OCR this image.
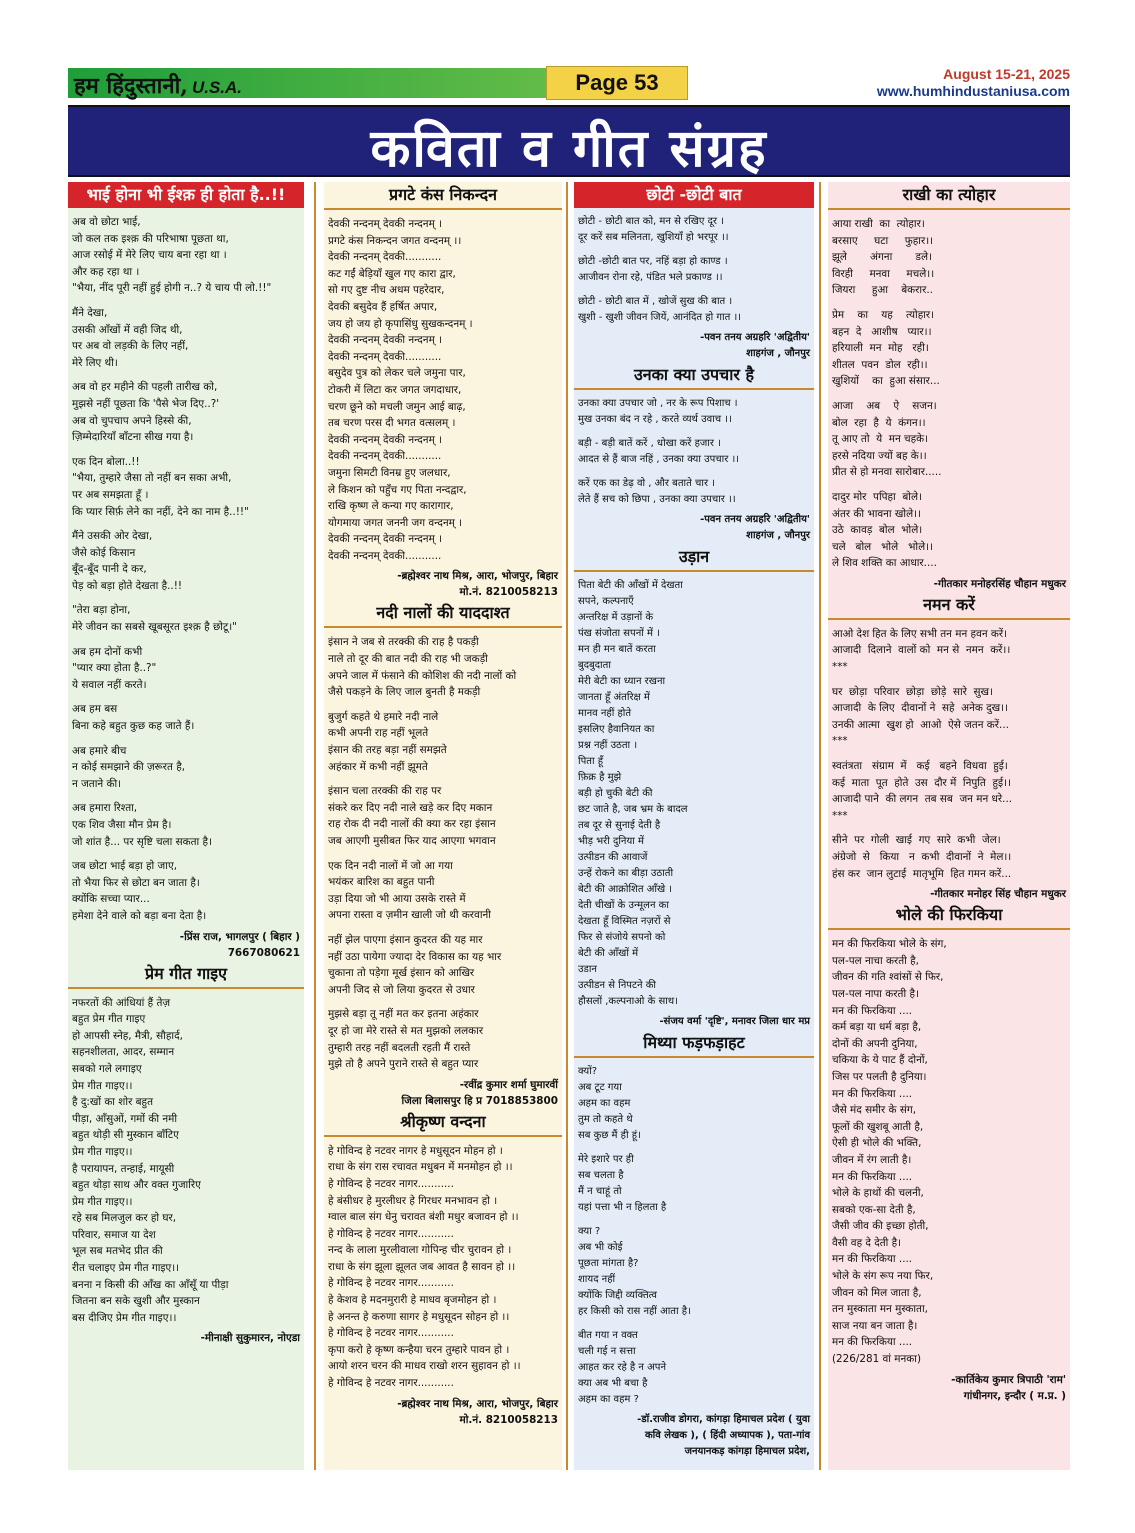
हम हिंदुस्तानी, U.S.A.	Page 53	August 15-21, 2025
www.humhindustaniusa.com
कविता व गीत संग्रह
भाई होना भी ईश्क़ ही होता है..!!
अब वो छोटा भाई,
जो कल तक इश्क़ की परिभाषा पूछता था,
आज रसोई में मेरे लिए चाय बना रहा था ।
और कह रहा था ।
"भैया, नींद पूरी नहीं हुई होगी न..? ये चाय पी लो.!!"
मैंने देखा,
उसकी आँखों में वही जिद थी,
पर अब वो लड़की के लिए नहीं,
मेरे लिए थी।
अब वो हर महीने की पहली तारीख को,
मुझसे नहीं पूछता कि 'पैसे भेज दिए..?'
अब वो चुपचाप अपने हिस्से की,
ज़िम्मेदारियाँ बाँटना सीख गया है।
एक दिन बोला..!!
"भैया, तुम्हारे जैसा तो नहीं बन सका अभी,
पर अब समझता हूँ ।
कि प्यार सिर्फ़ लेने का नहीं, देने का नाम है..!!"
मैंने उसकी ओर देखा,
जैसे कोई किसान
बूँद-बूँद पानी दे कर,
पेड़ को बड़ा होते देखता है..!!
"तेरा बड़ा होना,
मेरे जीवन का सबसे खूबसूरत इश्क़ है छोटू।"
अब हम दोनों कभी
"प्यार क्या होता है..?"
ये सवाल नहीं करते।
अब हम बस
बिना कहे बहुत कुछ कह जाते हैं।
अब हमारे बीच
न कोई समझाने की ज़रूरत है,
न जताने की।
अब हमारा रिश्ता,
एक शिव जैसा मौन प्रेम है।
जो शांत है... पर सृष्टि चला सकता है।
जब छोटा भाई बड़ा हो जाए,
तो भैया फिर से छोटा बन जाता है।
क्योंकि सच्चा प्यार...
हमेशा देने वाले को बड़ा बना देता है।
-प्रिंस राज, भागलपुर ( बिहार )
7667080621
प्रेम गीत गाइए
नफरतों की आंधियां हैं तेज़
बहुत प्रेम गीत गाइए
हो आपसी स्नेह, मैत्री, सौहार्द,
सहनशीलता, आदर, सम्मान
सबको गले लगाइए
प्रेम गीत गाइए।।
है दु:खों का शोर बहुत
पीड़ा, आँसुओं, गमों की नमी
बहुत थोड़ी सी मुस्कान बाँटिए
प्रेम गीत गाइए।।
है परायापन, तन्हाई, मायूसी
बहुत थोड़ा साथ और वक्त गुजारिए
प्रेम गीत गाइए।।
रहे सब मिलजुल कर हो घर,
परिवार, समाज या देश
भूल सब मतभेद प्रीत की
रीत चलाइए प्रेम गीत गाइए।।
बनना न किसी की आँख का आँसूँ या पीड़ा
जितना बन सके खुशी और मुस्कान
बस दीजिए प्रेम गीत गाइए।।
-मीनाक्षी सुकुमारन, नोएडा
प्रगटे कंस निकन्दन
देवकी नन्दनम् देवकी नन्दनम् ।
प्रगटे कंस निकन्दन जगत वन्दनम् ।।
देवकी नन्दनम् देवकी...........
कट गईं बेड़ियाँ खुल गए कारा द्वार,
सो गए दुष्ट नीच अधम पहरेदार,
देवकी बसुदेव हैं हर्षित अपार,
जय हो जय हो कृपासिंधु सुखकन्दनम् ।
देवकी नन्दनम् देवकी नन्दनम् ।
देवकी नन्दनम् देवकी...........
बसुदेव पुत्र को लेकर चले जमुना पार,
टोकरी में लिटा कर जगत जगदाधार,
चरण छूने को मचली जमुन आई बाढ़,
तब चरण परस दी भगत वत्सलम् ।
देवकी नन्दनम् देवकी नन्दनम् ।
देवकी नन्दनम् देवकी...........
जमुना सिमटी विनम्र हुए जलधार,
ले किशन को पहुँच गए पिता नन्दद्वार,
राखि कृष्ण ले कन्या गए कारागार,
योगमाया जगत जननी जग वन्दनम् ।
देवकी नन्दनम् देवकी नन्दनम् ।
देवकी नन्दनम् देवकी...........
-ब्रह्मेश्वर नाथ मिश्र, आरा, भोजपुर, बिहार
मो.नं. 8210058213
नदी नालों की याददाश्त
इंसान ने जब से तरक्की की राह है पकड़ी
नाले तो दूर की बात नदी की राह भी जकड़ी
अपने जाल में फंसाने की कोशिश की नदी नालों को
जैसे पकड़ने के लिए जाल बुनती है मकड़ी
बुजुर्ग कहते थे हमारे नदी नाले
कभी अपनी राह नहीं भूलते
इंसान की तरह बड़ा नहीं समझते
अहंकार में कभी नहीं झूमते
इंसान चला तरक्की की राह पर
संकरे कर दिए नदी नाले खड़े कर दिए मकान
राह रोक दी नदी नालों की क्या कर रहा इंसान
जब आएगी मुसीबत फिर याद आएगा भगवान
एक दिन नदी नालों में जो आ गया
भयंकर बारिश का बहुत पानी
उड़ा दिया जो भी आया उसके रास्ते में
अपना रास्ता व ज़मीन खाली जो थी करवानी
नहीं झेल पाएगा इंसान कुदरत की यह मार
नहीं उठा पायेगा ज्यादा देर विकास का यह भार
चुकाना तो पड़ेगा मूर्ख इंसान को आखिर
अपनी जिद से जो लिया कुदरत से उधार
मुझसे बड़ा तू नहीं मत कर इतना अहंकार
दूर हो जा मेरे रास्ते से मत मुझको ललकार
तुम्हारी तरह नहीं बदलती रहती मैं रास्ते
मुझे तो है अपने पुराने रास्ते से बहुत प्यार
-रवींद्र कुमार शर्मा घुमारवीं
जिला बिलासपुर हि प्र 7018853800
श्रीकृष्ण वन्दना
हे गोविन्द हे नटवर नागर हे मधुसूदन मोहन हो ।
राधा के संग रास रचावत मधुबन में मनमोहन हो ।।
हे गोविन्द हे नटवर नागर...........
हे बंसीधर हे मुरलीधर हे गिरधर मनभावन हो ।
ग्वाल बाल संग धेनु चरावत बंशी मधुर बजावन हो ।।
हे गोविन्द हे नटवर नागर...........
नन्द के लाला मुरलीवाला गोपिन्ह चीर चुरावन हो ।
राधा के संग झूला झूलत जब आवत है सावन हो ।।
हे गोविन्द हे नटवर नागर...........
हे केशव हे मदनमुरारी हे माधव बृजमोहन हो ।
हे अनन्त हे करुणा सागर हे मधुसूदन सोहन हो ।।
हे गोविन्द हे नटवर नागर...........
कृपा करो हे कृष्ण कन्हैया चरन तुम्हारे पावन हो ।
आयो शरन चरन की माधव राखो शरन सुहावन हो ।।
हे गोविन्द हे नटवर नागर...........
-ब्रह्मेश्वर नाथ मिश्र, आरा, भोजपुर, बिहार
मो.नं. 8210058213
छोटी -छोटी बात
छोटी - छोटी बात को, मन से रखिए दूर ।
दूर करें सब मलिनता, खुशियाँ हो भरपूर ।।
छोटी -छोटी बात पर, नहिं बड़ा हो काण्ड ।
आजीवन रोना रहे, पंडित भले प्रकाण्ड ।।
छोटी - छोटी बात में , खोजें सुख की बात ।
खुशी - खुशी जीवन जियें, आनंदित हो गात ।।
-पवन तनय अग्रहरि 'अद्वितीय'
शाहगंज , जौनपुर
उनका क्या उपचार है
उनका क्या उपचार जो , नर के रूप पिशाच ।
मुख उनका बंद न रहे , करते व्यर्थ उवाच ।।
बड़ी - बड़ी बातें करें , धोखा करें हजार ।
आदत से हैं बाज नहिं , उनका क्या उपचार ।।
करें एक का डेढ़ वो , और बताते चार ।
लेते हैं सच को छिपा , उनका क्या उपचार ।।
-पवन तनय अग्रहरि 'अद्वितीय'
शाहगंज , जौनपुर
उड़ान
पिता बेटी की आँखों में देखता
सपने, कल्पनाएँ
अन्तरिक्ष में उड़ानों के
पंख संजोता सपनों में ।
मन ही मन बातें करता
बुदबुदाता
मेरी बेटी का ध्यान रखना
जानता हूँ अंतरिक्ष में
मानव नहीं होते
इसलिए हैवानियत का
प्रश्न नहीं उठता ।
पिता हूँ
फ़िक्र है मुझे
बड़ी हो चुकी बेटी की
छट जाते है, जब भ्रम के बादल
तब दूर से सुनाई देती है
भीड़ भरी दुनिया में
उत्पीडन की आवाजें
उन्हें रोकने का बीड़ा उठाती
बेटी की आक्रोशित आँखे ।
देती चीखों के उन्मूलन का
देखता हूँ विस्मित नज़रों से
फिर से संजोये सपनो को
बेटी की आँखों में
उडान
उत्पीडन से निपटने की
हौसलों ,कल्पनाओ के साथ।
-संजय वर्मा 'दृष्टि', मनावर जिला धार मप्र
मिथ्या फड़फड़ाहट
क्यों?
अब टूट गया
अहम का वहम
तुम तो कहते थे
सब कुछ मैं ही हूं।
मेरे इशारे पर ही
सब चलता है
मैं न चाहूं तो
यहां पत्ता भी न हिलता है
क्या ?
अब भी कोई
पूछता मांगता है?
शायद नहीं
क्योंकि जिद्दी व्यक्तित्व
हर किसी को रास नहीं आता है।
बीत गया न वक्त
चली गई न सत्ता
आहत कर रहे है न अपने
क्या अब भी बचा है
अहम का वहम ?
-डॉ.राजीव डोगरा, कांगड़ा हिमाचल प्रदेश ( युवा
कवि लेखक ), ( हिंदी अध्यापक ), पता-गांव
जनयानकड़ कांगड़ा हिमाचल प्रदेश,
राखी का त्योहार
आया राखी  का  त्योहार।
बरसाए     घटा     फुहार।।
झूले       अंगना       डले।
विरही     मनवा     मचले।।
जियरा     हुआ    बेकरार..
प्रेम    का    यह    त्योहार।
बहन  दे   आशीष   प्यार।।
हरियाली  मन  मोह   रही।
शीतल  पवन  डोल  रही।।
खुशियों    का  हुआ संसार...
आजा    अब    ऐ    सजन।
बोल  रहा  है  ये  कंगन।।
तू आए तो  ये  मन चहके।
हरसे नदिया ज्यों बह के।।
प्रीत से हो मनवा सारोबार.....
दादुर मोर  पपिहा  बोले।
अंतर की भावना खोले।।
उठे  कावड़  बोल  भोले।
चले   बोल   भोले   भोले।।
ले शिव शक्ति का आधार....
-गीतकार मनोहरसिंह चौहान मधुकर
नमन करें
आओ देश हित के लिए सभी तन मन हवन करें।
आजादी  दिलाने  वालों को  मन से  नमन  करें।।
***
घर  छोड़ा  परिवार  छोड़ा  छोड़े  सारे  सुख।
आजादी  के लिए  दीवानों ने  सहे  अनेक दुख।।
उनकी आत्मा  खुश हो  आओ  ऐसे जतन करें...
***
स्वतंत्रता   संग्राम  में   कई   बहने  विधवा  हुई।
कई  माता  पूत  होते  उस  दौर में  निपुति  हुई।।
आजादी पाने  की लगन  तब सब  जन मन धरे...
***
सीने  पर  गोली  खाई  गए  सारे  कभी  जेल।
अंग्रेजो  से   किया   न  कभी  दीवानों  ने  मेल।।
हंस कर  जान लुटाई  मातृभूमि  हित गमन करें...
-गीतकार मनोहर सिंह चौहान मधुकर
भोले की फिरकिया
मन की फिरकिया भोले के संग,
पल-पल नाचा करती है,
जीवन की गति श्वांसों से फिर,
पल-पल नापा करती है।
मन की फिरकिया ....
कर्म बड़ा या धर्म बड़ा है,
दोनों की अपनी दुनिया,
चकिया के ये पाट हैं दोनों,
जिस पर पलती है दुनिया।
मन की फिरकिया ....
जैसे मंद समीर के संग,
फूलों की खुशबू आती है,
ऐसी ही भोले की भक्ति,
जीवन में रंग लाती है।
मन की फिरकिया ....
भोले के हाथों की चलनी,
सबको एक-सा देती है,
जैसी जीव की इच्छा होती,
वैसी वह दे देती है।
मन की फिरकिया ....
भोले के संग रूप नया फिर,
जीवन को मिल जाता है,
तन मुस्काता मन मुस्काता,
साज नया बन जाता है।
मन की फिरकिया ....
(226/281 वां मनका)
-कार्तिकेय कुमार त्रिपाठी 'राम'
गांधीनगर, इन्दौर ( म.प्र. )
